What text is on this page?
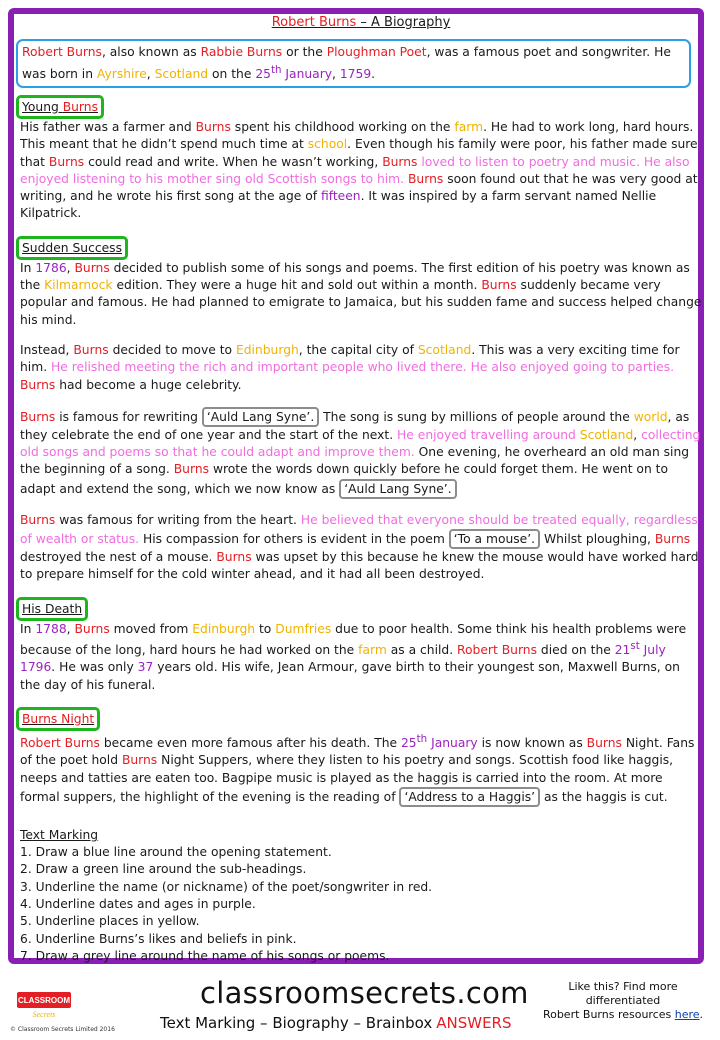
Robert Burns – A Biography
Robert Burns, also known as Rabbie Burns or the Ploughman Poet, was a famous poet and songwriter. He was born in Ayrshire, Scotland on the 25th January, 1759.
Young Burns
His father was a farmer and Burns spent his childhood working on the farm. He had to work long, hard hours. This meant that he didn’t spend much time at school. Even though his family were poor, his father made sure that Burns could read and write. When he wasn’t working, Burns loved to listen to poetry and music. He also enjoyed listening to his mother sing old Scottish songs to him. Burns soon found out that he was very good at writing, and he wrote his first song at the age of fifteen. It was inspired by a farm servant named Nellie Kilpatrick.
Sudden Success
In 1786, Burns decided to publish some of his songs and poems. The first edition of his poetry was known as the Kilmarnock edition. They were a huge hit and sold out within a month. Burns suddenly became very popular and famous. He had planned to emigrate to Jamaica, but his sudden fame and success helped change his mind.

Instead, Burns decided to move to Edinburgh, the capital city of Scotland. This was a very exciting time for him. He relished meeting the rich and important people who lived there. He also enjoyed going to parties. Burns had become a huge celebrity.

Burns is famous for rewriting ‘Auld Lang Syne’. The song is sung by millions of people around the world, as they celebrate the end of one year and the start of the next. He enjoyed travelling around Scotland, collecting old songs and poems so that he could adapt and improve them. One evening, he overheard an old man sing the beginning of a song. Burns wrote the words down quickly before he could forget them. He went on to adapt and extend the song, which we now know as ‘Auld Lang Syne’.

Burns was famous for writing from the heart. He believed that everyone should be treated equally, regardless of wealth or status. His compassion for others is evident in the poem ‘To a mouse’. Whilst ploughing, Burns destroyed the nest of a mouse. Burns was upset by this because he knew the mouse would have worked hard to prepare himself for the cold winter ahead, and it had all been destroyed.

His Death
In 1788, Burns moved from Edinburgh to Dumfries due to poor health. Some think his health problems were because of the long, hard hours he had worked on the farm as a child. Robert Burns died on the 21st July 1796. He was only 37 years old. His wife, Jean Armour, gave birth to their youngest son, Maxwell Burns, on the day of his funeral.
Burns Night
Robert Burns became even more famous after his death. The 25th January is now known as Burns Night. Fans of the poet hold Burns Night Suppers, where they listen to his poetry and songs. Scottish food like haggis, neeps and tatties are eaten too. Bagpipe music is played as the haggis is carried into the room. At more formal suppers, the highlight of the evening is the reading of ‘Address to a Haggis’ as the haggis is cut.
Text Marking
1. Draw a blue line around the opening statement.
2. Draw a green line around the sub-headings.
3. Underline the name (or nickname) of the poet/songwriter in red.
4. Underline dates and ages in purple.
5. Underline places in yellow.
6. Underline Burns’s likes and beliefs in pink.
7. Draw a grey line around the name of his songs or poems.
CLASSROOM
Secrets
© Classroom Secrets Limited 2016
classroomsecrets.com
Text Marking – Biography – Brainbox ANSWERS
Like this? Find more differentiated
Robert Burns resources here.
